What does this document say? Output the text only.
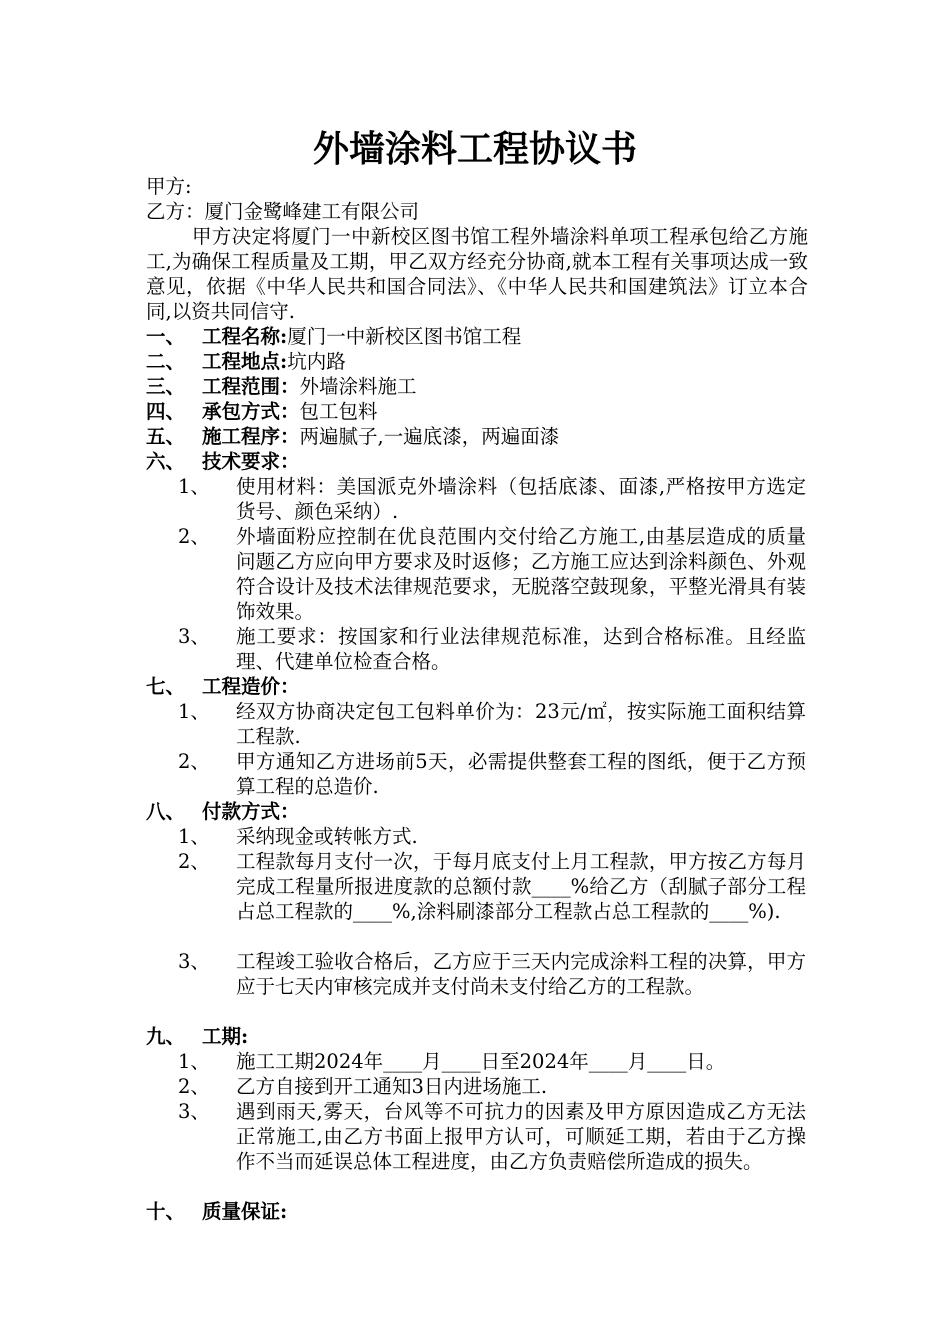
外墙涂料工程协议书
甲方:
乙方：厦门金鹭峰建工有限公司

甲方决定将厦门一中新校区图书馆工程外墙涂料单项工程承包给乙方施工,为确保工程质量及工期，甲乙双方经充分协商,就本工程有关事项达成一致意见，依据《中华人民共和国合同法》、《中华人民共和国建筑法》订立本合同,以资共同信守.

一、 工程名称:厦门一中新校区图书馆工程
二、 工程地点:坑内路
三、 工程范围：外墙涂料施工
四、 承包方式：包工包料
五、 施工程序：两遍腻子,一遍底漆，两遍面漆
六、 技术要求：
1、	使用材料：美国派克外墙涂料（包括底漆、面漆,严格按甲方选定货号、颜色采纳）.
2、	外墙面粉应控制在优良范围内交付给乙方施工,由基层造成的质量问题乙方应向甲方要求及时返修；乙方施工应达到涂料颜色、外观符合设计及技术法律规范要求，无脱落空鼓现象，平整光滑具有装饰效果。
3、	施工要求：按国家和行业法律规范标准，达到合格标准。且经监理、代建单位检查合格。
七、 工程造价：
1、	经双方协商决定包工包料单价为：23元/㎡，按实际施工面积结算工程款.
2、	甲方通知乙方进场前5天，必需提供整套工程的图纸，便于乙方预算工程的总造价.
八、 付款方式：
1、	采纳现金或转帐方式.
2、	工程款每月支付一次，于每月底支付上月工程款，甲方按乙方每月完成工程量所报进度款的总额付款____%给乙方（刮腻子部分工程占总工程款的____%,涂料刷漆部分工程款占总工程款的____%).
3、	工程竣工验收合格后，乙方应于三天内完成涂料工程的决算，甲方应于七天内审核完成并支付尚未支付给乙方的工程款。
九、 工期:
1、	施工工期2024年____月____日至2024年____月____日。
2、	乙方自接到开工通知3日内进场施工.
3、	遇到雨天,雾天，台风等不可抗力的因素及甲方原因造成乙方无法正常施工,由乙方书面上报甲方认可，可顺延工期，若由于乙方操作不当而延误总体工程进度，由乙方负责赔偿所造成的损失。
十、 质量保证:
